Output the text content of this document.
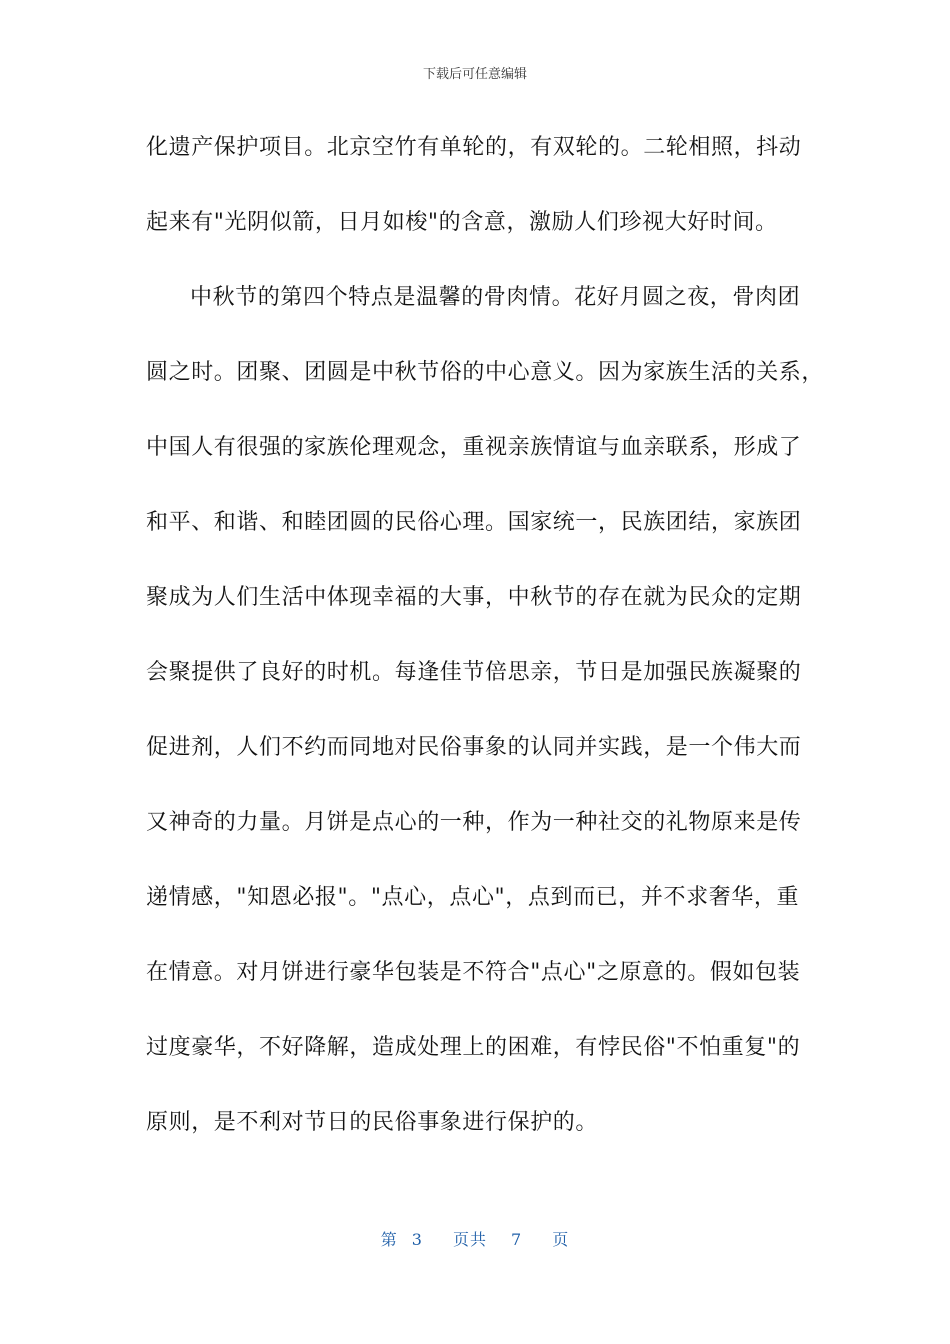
下载后可任意编辑
化遗产保护项目。北京空竹有单轮的，有双轮的。二轮相照，抖动
起来有"光阴似箭，日月如梭"的含意，激励人们珍视大好时间。
中秋节的第四个特点是温馨的骨肉情。花好月圆之夜，骨肉团
圆之时。团聚、团圆是中秋节俗的中心意义。因为家族生活的关系，
中国人有很强的家族伦理观念，重视亲族情谊与血亲联系，形成了
和平、和谐、和睦团圆的民俗心理。国家统一，民族团结，家族团
聚成为人们生活中体现幸福的大事，中秋节的存在就为民众的定期
会聚提供了良好的时机。每逢佳节倍思亲，节日是加强民族凝聚的
促进剂，人们不约而同地对民俗事象的认同并实践，是一个伟大而
又神奇的力量。月饼是点心的一种，作为一种社交的礼物原来是传
递情感，"知恩必报"。"点心，点心"，点到而已，并不求奢华，重
在情意。对月饼进行豪华包装是不符合"点心"之原意的。假如包装
过度豪华，不好降解，造成处理上的困难，有悖民俗"不怕重复"的
原则，是不利对节日的民俗事象进行保护的。
第 3 页共 7 页
